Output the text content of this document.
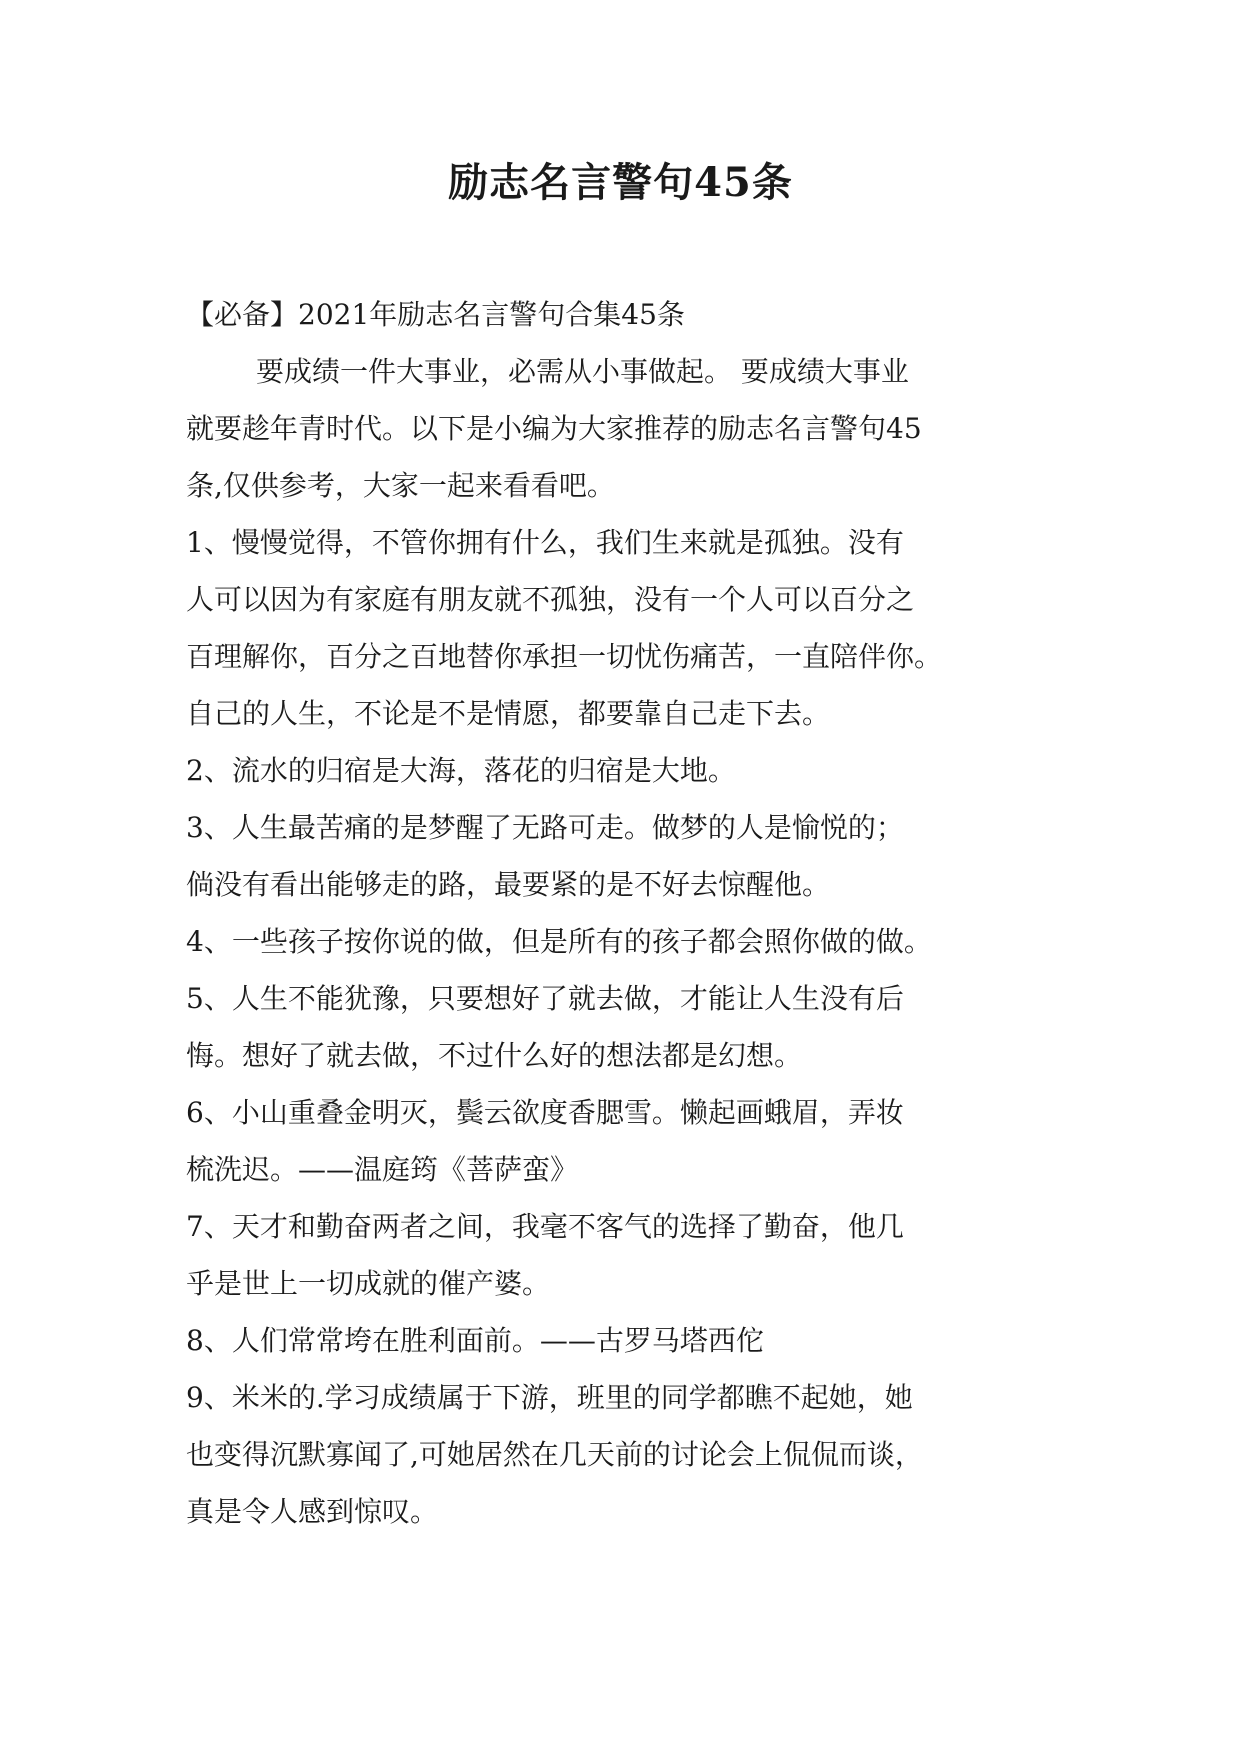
励志名言警句45条
【必备】2021年励志名言警句合集45条
要成绩一件大事业，必需从小事做起。 要成绩大事业
就要趁年青时代。以下是小编为大家推荐的励志名言警句45
条,仅供参考，大家一起来看看吧。
1、慢慢觉得，不管你拥有什么，我们生来就是孤独。没有
人可以因为有家庭有朋友就不孤独，没有一个人可以百分之
百理解你，百分之百地替你承担一切忧伤痛苦，一直陪伴你。
自己的人生，不论是不是情愿，都要靠自己走下去。
2、流水的归宿是大海，落花的归宿是大地。
3、人生最苦痛的是梦醒了无路可走。做梦的人是愉悦的；
倘没有看出能够走的路，最要紧的是不好去惊醒他。
4、一些孩子按你说的做，但是所有的孩子都会照你做的做。
5、人生不能犹豫，只要想好了就去做，才能让人生没有后
悔。想好了就去做，不过什么好的想法都是幻想。
6、小山重叠金明灭，鬓云欲度香腮雪。懒起画蛾眉，弄妆
梳洗迟。——温庭筠《菩萨蛮》
7、天才和勤奋两者之间，我毫不客气的选择了勤奋，他几
乎是世上一切成就的催产婆。
8、人们常常垮在胜利面前。——古罗马塔西佗
9、米米的.学习成绩属于下游，班里的同学都瞧不起她，她
也变得沉默寡闻了,可她居然在几天前的讨论会上侃侃而谈，
真是令人感到惊叹。
